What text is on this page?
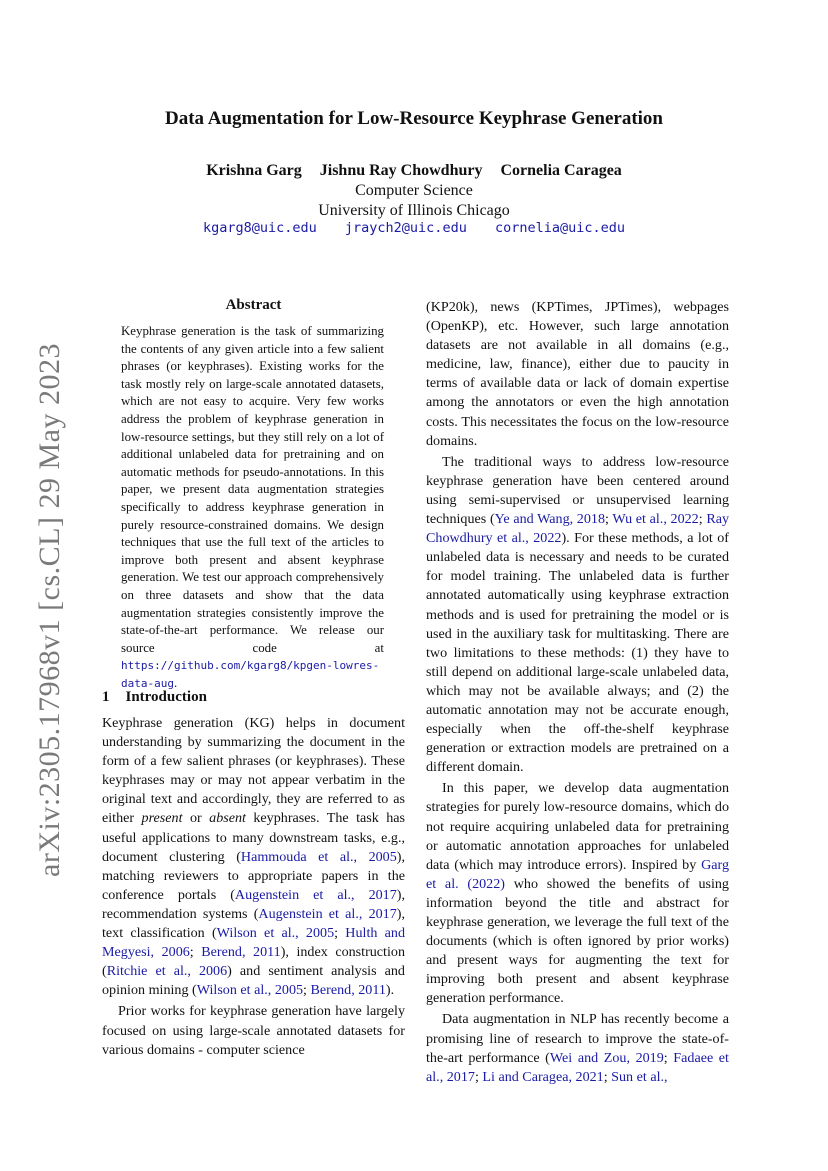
Data Augmentation for Low-Resource Keyphrase Generation
Krishna Garg Jishnu Ray Chowdhury Cornelia Caragea
Computer Science
University of Illinois Chicago
kgarg8@uic.edu jraych2@uic.edu cornelia@uic.edu
arXiv:2305.17968v1 [cs.CL] 29 May 2023
Abstract
Keyphrase generation is the task of summarizing the contents of any given article into a few salient phrases (or keyphrases). Existing works for the task mostly rely on large-scale annotated datasets, which are not easy to acquire. Very few works address the problem of keyphrase generation in low-resource settings, but they still rely on a lot of additional unlabeled data for pretraining and on automatic methods for pseudo-annotations. In this paper, we present data augmentation strategies specifically to address keyphrase generation in purely resource-constrained domains. We design techniques that use the full text of the articles to improve both present and absent keyphrase generation. We test our approach comprehensively on three datasets and show that the data augmentation strategies consistently improve the state-of-the-art performance. We release our source code at https://github.com/kgarg8/kpgen-lowres-data-aug.
1 Introduction

Keyphrase generation (KG) helps in document understanding by summarizing the document in the form of a few salient phrases (or keyphrases). These keyphrases may or may not appear verbatim in the original text and accordingly, they are referred to as either present or absent keyphrases. The task has useful applications to many downstream tasks, e.g., document clustering (Hammouda et al., 2005), matching reviewers to appropriate papers in the conference portals (Augenstein et al., 2017), recommendation systems (Augenstein et al., 2017), text classification (Wilson et al., 2005; Hulth and Megyesi, 2006; Berend, 2011), index construction (Ritchie et al., 2006) and sentiment analysis and opinion mining (Wilson et al., 2005; Berend, 2011).

Prior works for keyphrase generation have largely focused on using large-scale annotated datasets for various domains - computer science

(KP20k), news (KPTimes, JPTimes), webpages (OpenKP), etc. However, such large annotation datasets are not available in all domains (e.g., medicine, law, finance), either due to paucity in terms of available data or lack of domain expertise among the annotators or even the high annotation costs. This necessitates the focus on the low-resource domains.

The traditional ways to address low-resource keyphrase generation have been centered around using semi-supervised or unsupervised learning techniques (Ye and Wang, 2018; Wu et al., 2022; Ray Chowdhury et al., 2022). For these methods, a lot of unlabeled data is necessary and needs to be curated for model training. The unlabeled data is further annotated automatically using keyphrase extraction methods and is used for pretraining the model or is used in the auxiliary task for multitasking. There are two limitations to these methods: (1) they have to still depend on additional large-scale unlabeled data, which may not be available always; and (2) the automatic annotation may not be accurate enough, especially when the off-the-shelf keyphrase generation or extraction models are pretrained on a different domain.

In this paper, we develop data augmentation strategies for purely low-resource domains, which do not require acquiring unlabeled data for pretraining or automatic annotation approaches for unlabeled data (which may introduce errors). Inspired by Garg et al. (2022) who showed the benefits of using information beyond the title and abstract for keyphrase generation, we leverage the full text of the documents (which is often ignored by prior works) and present ways for augmenting the text for improving both present and absent keyphrase generation performance.

Data augmentation in NLP has recently become a promising line of research to improve the state-of-the-art performance (Wei and Zou, 2019; Fadaee et al., 2017; Li and Caragea, 2021; Sun et al.,
